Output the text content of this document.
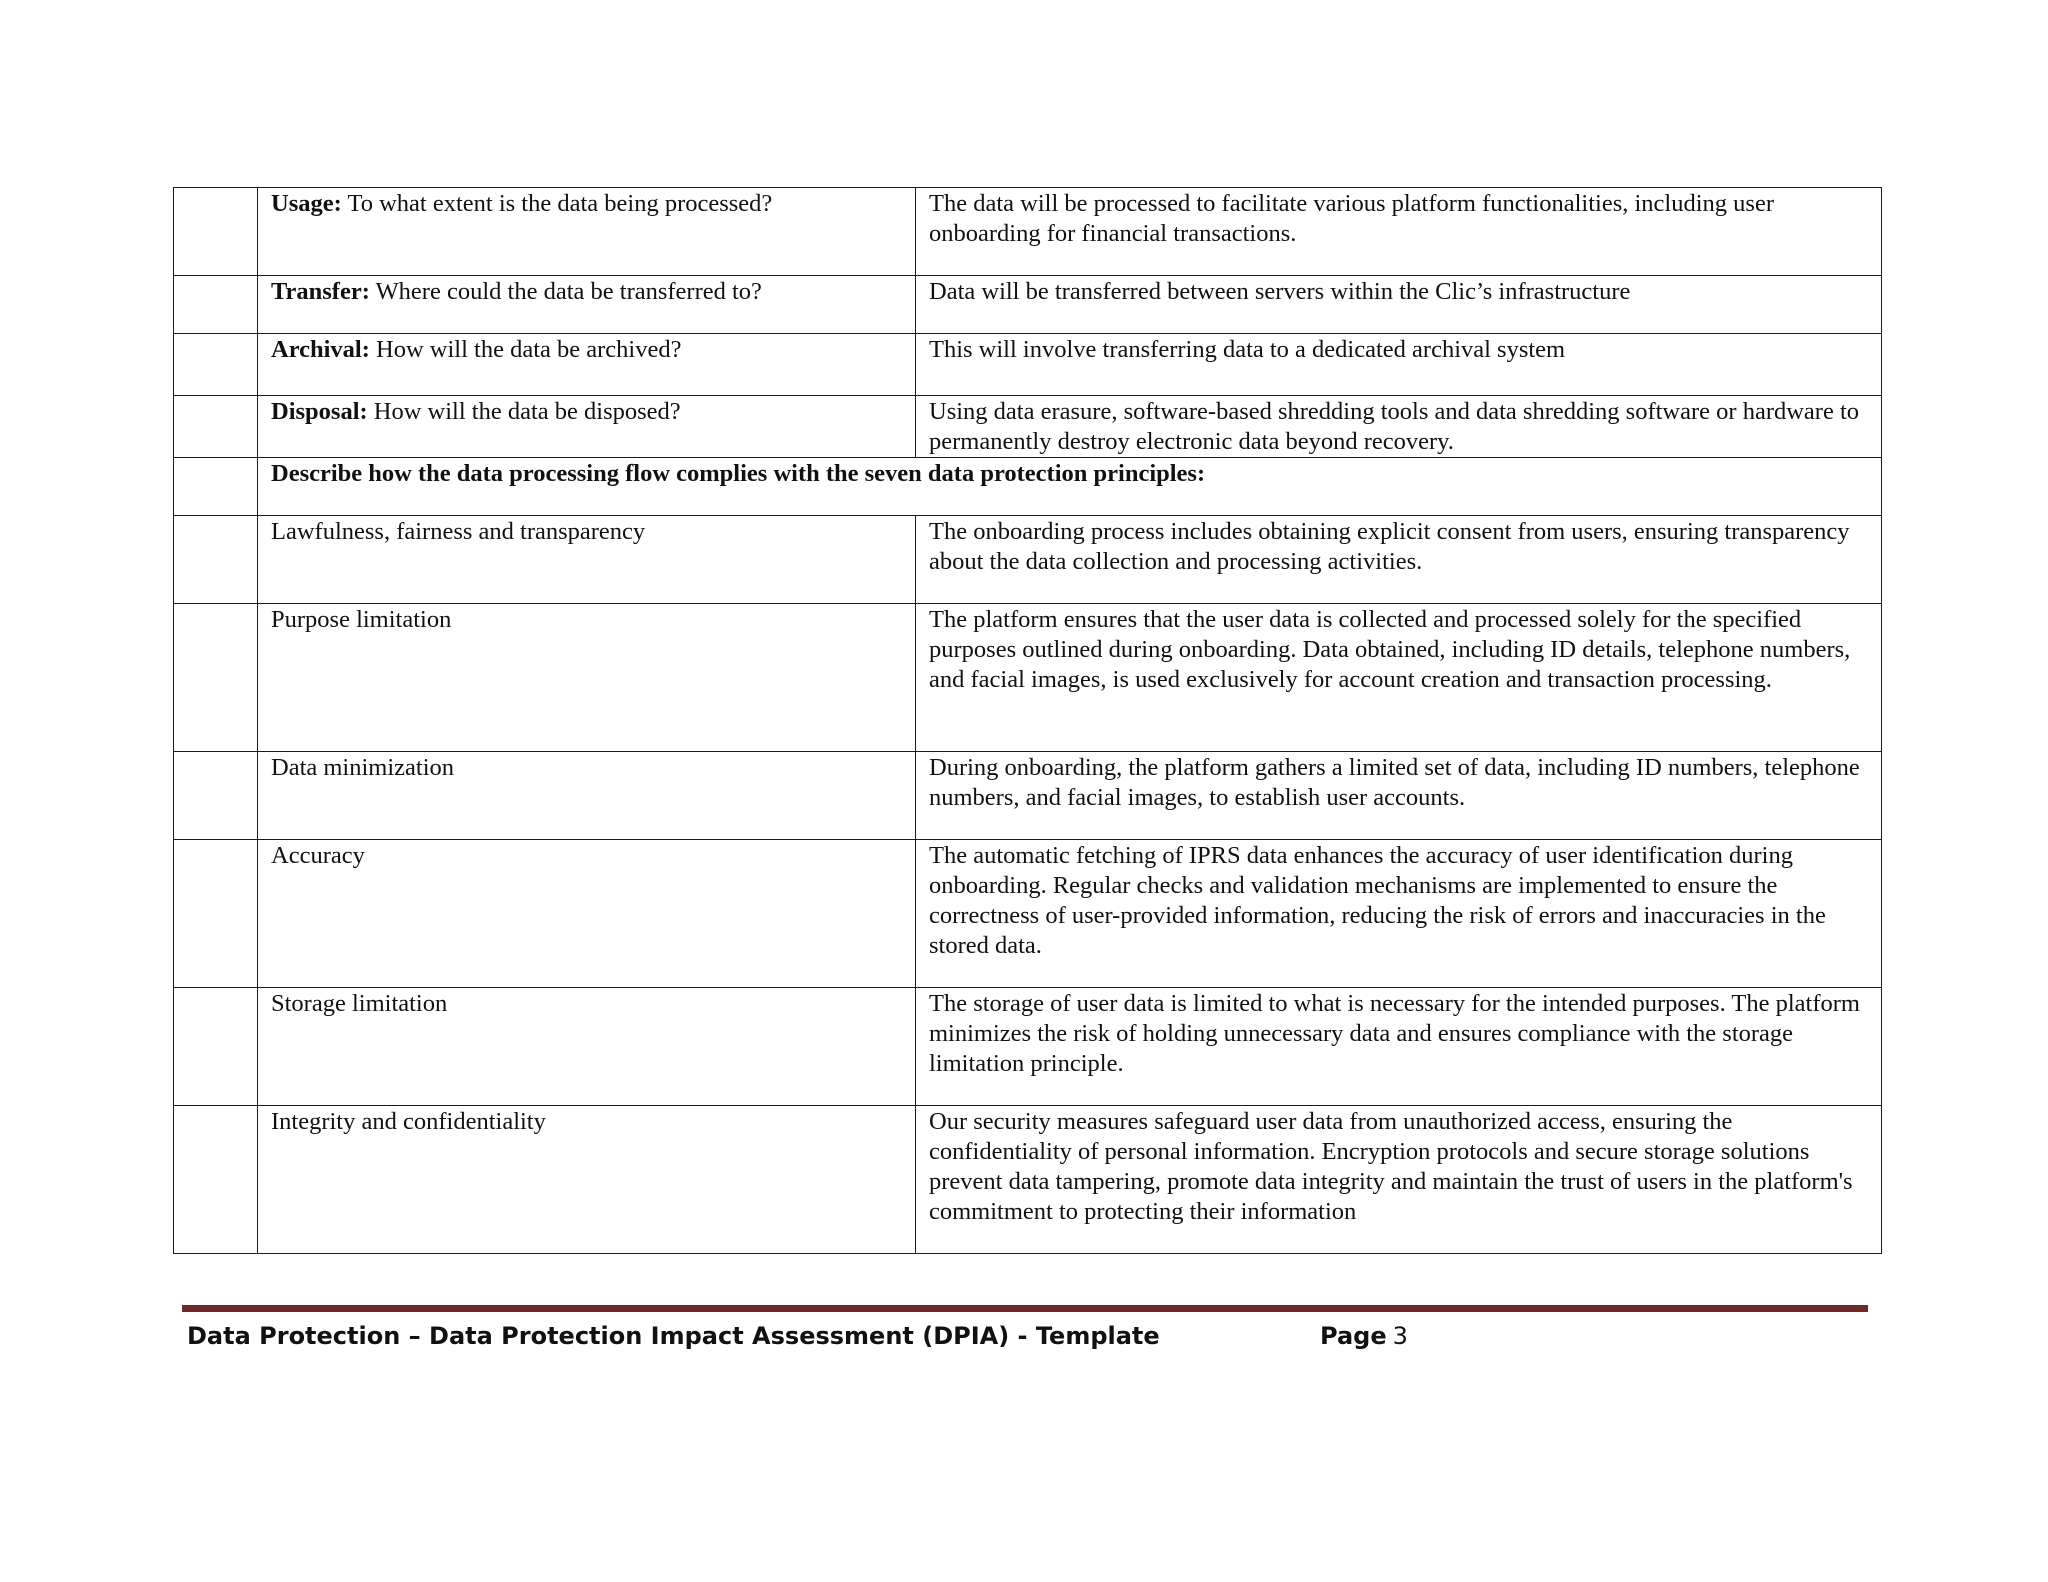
	Usage: To what extent is the data being processed?	The data will be processed to facilitate various platform functionalities, including user onboarding for financial transactions.
	Transfer: Where could the data be transferred to?	Data will be transferred between servers within the Clic’s infrastructure
	Archival: How will the data be archived?	This will involve transferring data to a dedicated archival system
	Disposal: How will the data be disposed?	Using data erasure, software-based shredding tools and data shredding software or hardware to permanently destroy electronic data beyond recovery.
	Describe how the data processing flow complies with the seven data protection principles:	
	Lawfulness, fairness and transparency	The onboarding process includes obtaining explicit consent from users, ensuring transparency about the data collection and processing activities.
	Purpose limitation	The platform ensures that the user data is collected and processed solely for the specified purposes outlined during onboarding. Data obtained, including ID details, telephone numbers, and facial images, is used exclusively for account creation and transaction processing.
	Data minimization	During onboarding, the platform gathers a limited set of data, including ID numbers, telephone numbers, and facial images, to establish user accounts.
	Accuracy	The automatic fetching of IPRS data enhances the accuracy of user identification during onboarding. Regular checks and validation mechanisms are implemented to ensure the correctness of user-provided information, reducing the risk of errors and inaccuracies in the stored data.
	Storage limitation	The storage of user data is limited to what is necessary for the intended purposes. The platform minimizes the risk of holding unnecessary data and ensures compliance with the storage limitation principle.
	Integrity and confidentiality	Our security measures safeguard user data from unauthorized access, ensuring the confidentiality of personal information. Encryption protocols and secure storage solutions prevent data tampering, promote data integrity and maintain the trust of users in the platform's commitment to protecting their information
Data Protection – Data Protection Impact Assessment (DPIA) - Template	Page 3
